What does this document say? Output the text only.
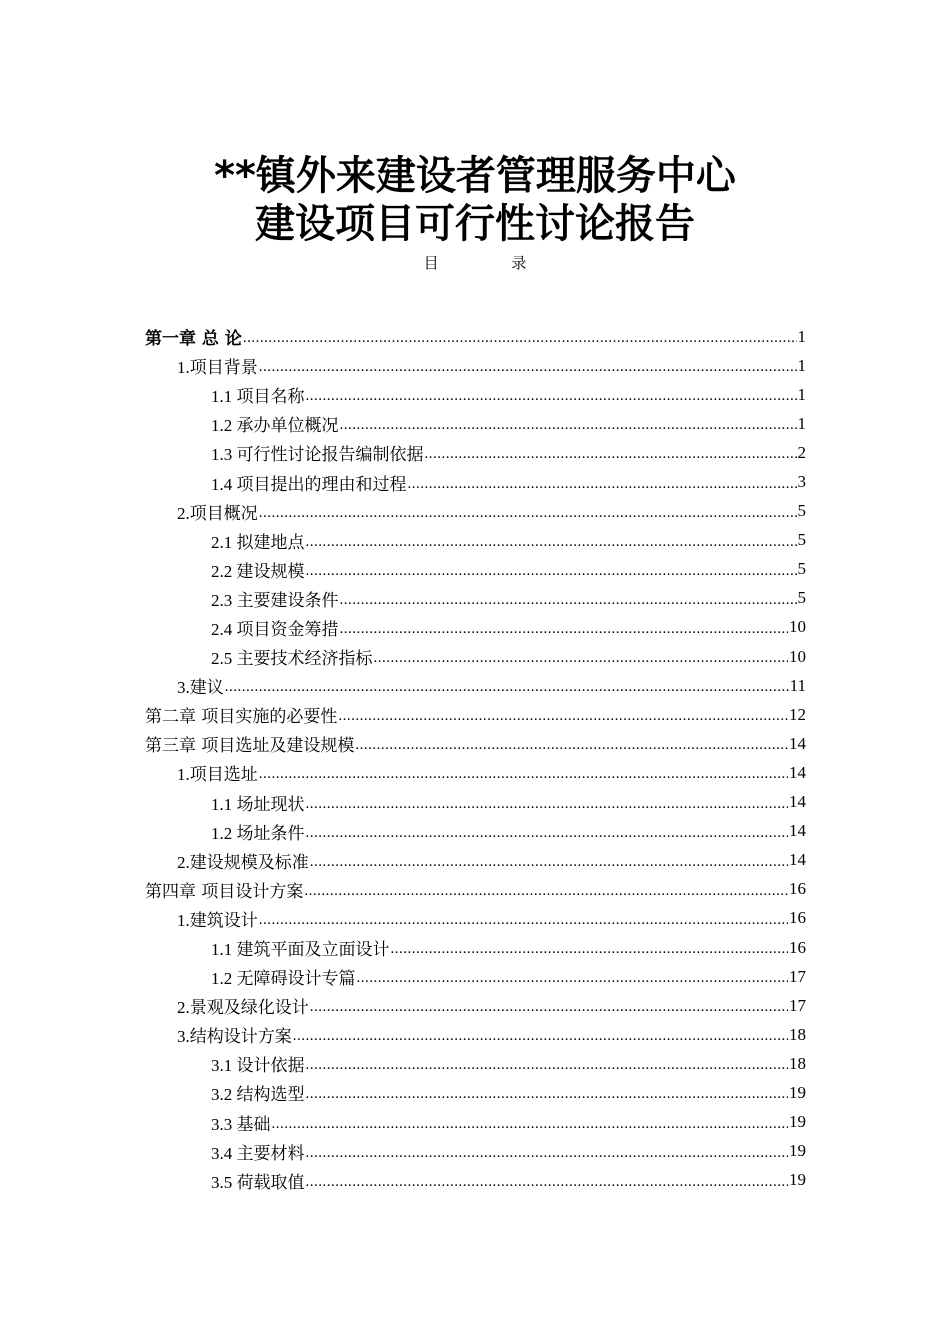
**镇外来建设者管理服务中心
建设项目可行性讨论报告
目 录
第一章 总 论 .....	1
1.项目背景 .....	1
1.1 项目名称 .....	1
1.2 承办单位概况 .....	1
1.3 可行性讨论报告编制依据 .....	2
1.4 项目提出的理由和过程 .....	3
2.项目概况 .....	5
2.1 拟建地点 .....	5
2.2 建设规模 .....	5
2.3 主要建设条件 .....	5
2.4 项目资金筹措 .....	10
2.5 主要技术经济指标 .....	10
3.建议 .....	11
第二章 项目实施的必要性 .....	12
第三章 项目选址及建设规模 .....	14
1.项目选址 .....	14
1.1 场址现状 .....	14
1.2 场址条件 .....	14
2.建设规模及标准 .....	14
第四章 项目设计方案 .....	16
1.建筑设计 .....	16
1.1 建筑平面及立面设计 .....	16
1.2 无障碍设计专篇 .....	17
2.景观及绿化设计 .....	17
3.结构设计方案 .....	18
3.1 设计依据 .....	18
3.2 结构选型 .....	19
3.3 基础 .....	19
3.4 主要材料 .....	19
3.5 荷载取值 .....	19
